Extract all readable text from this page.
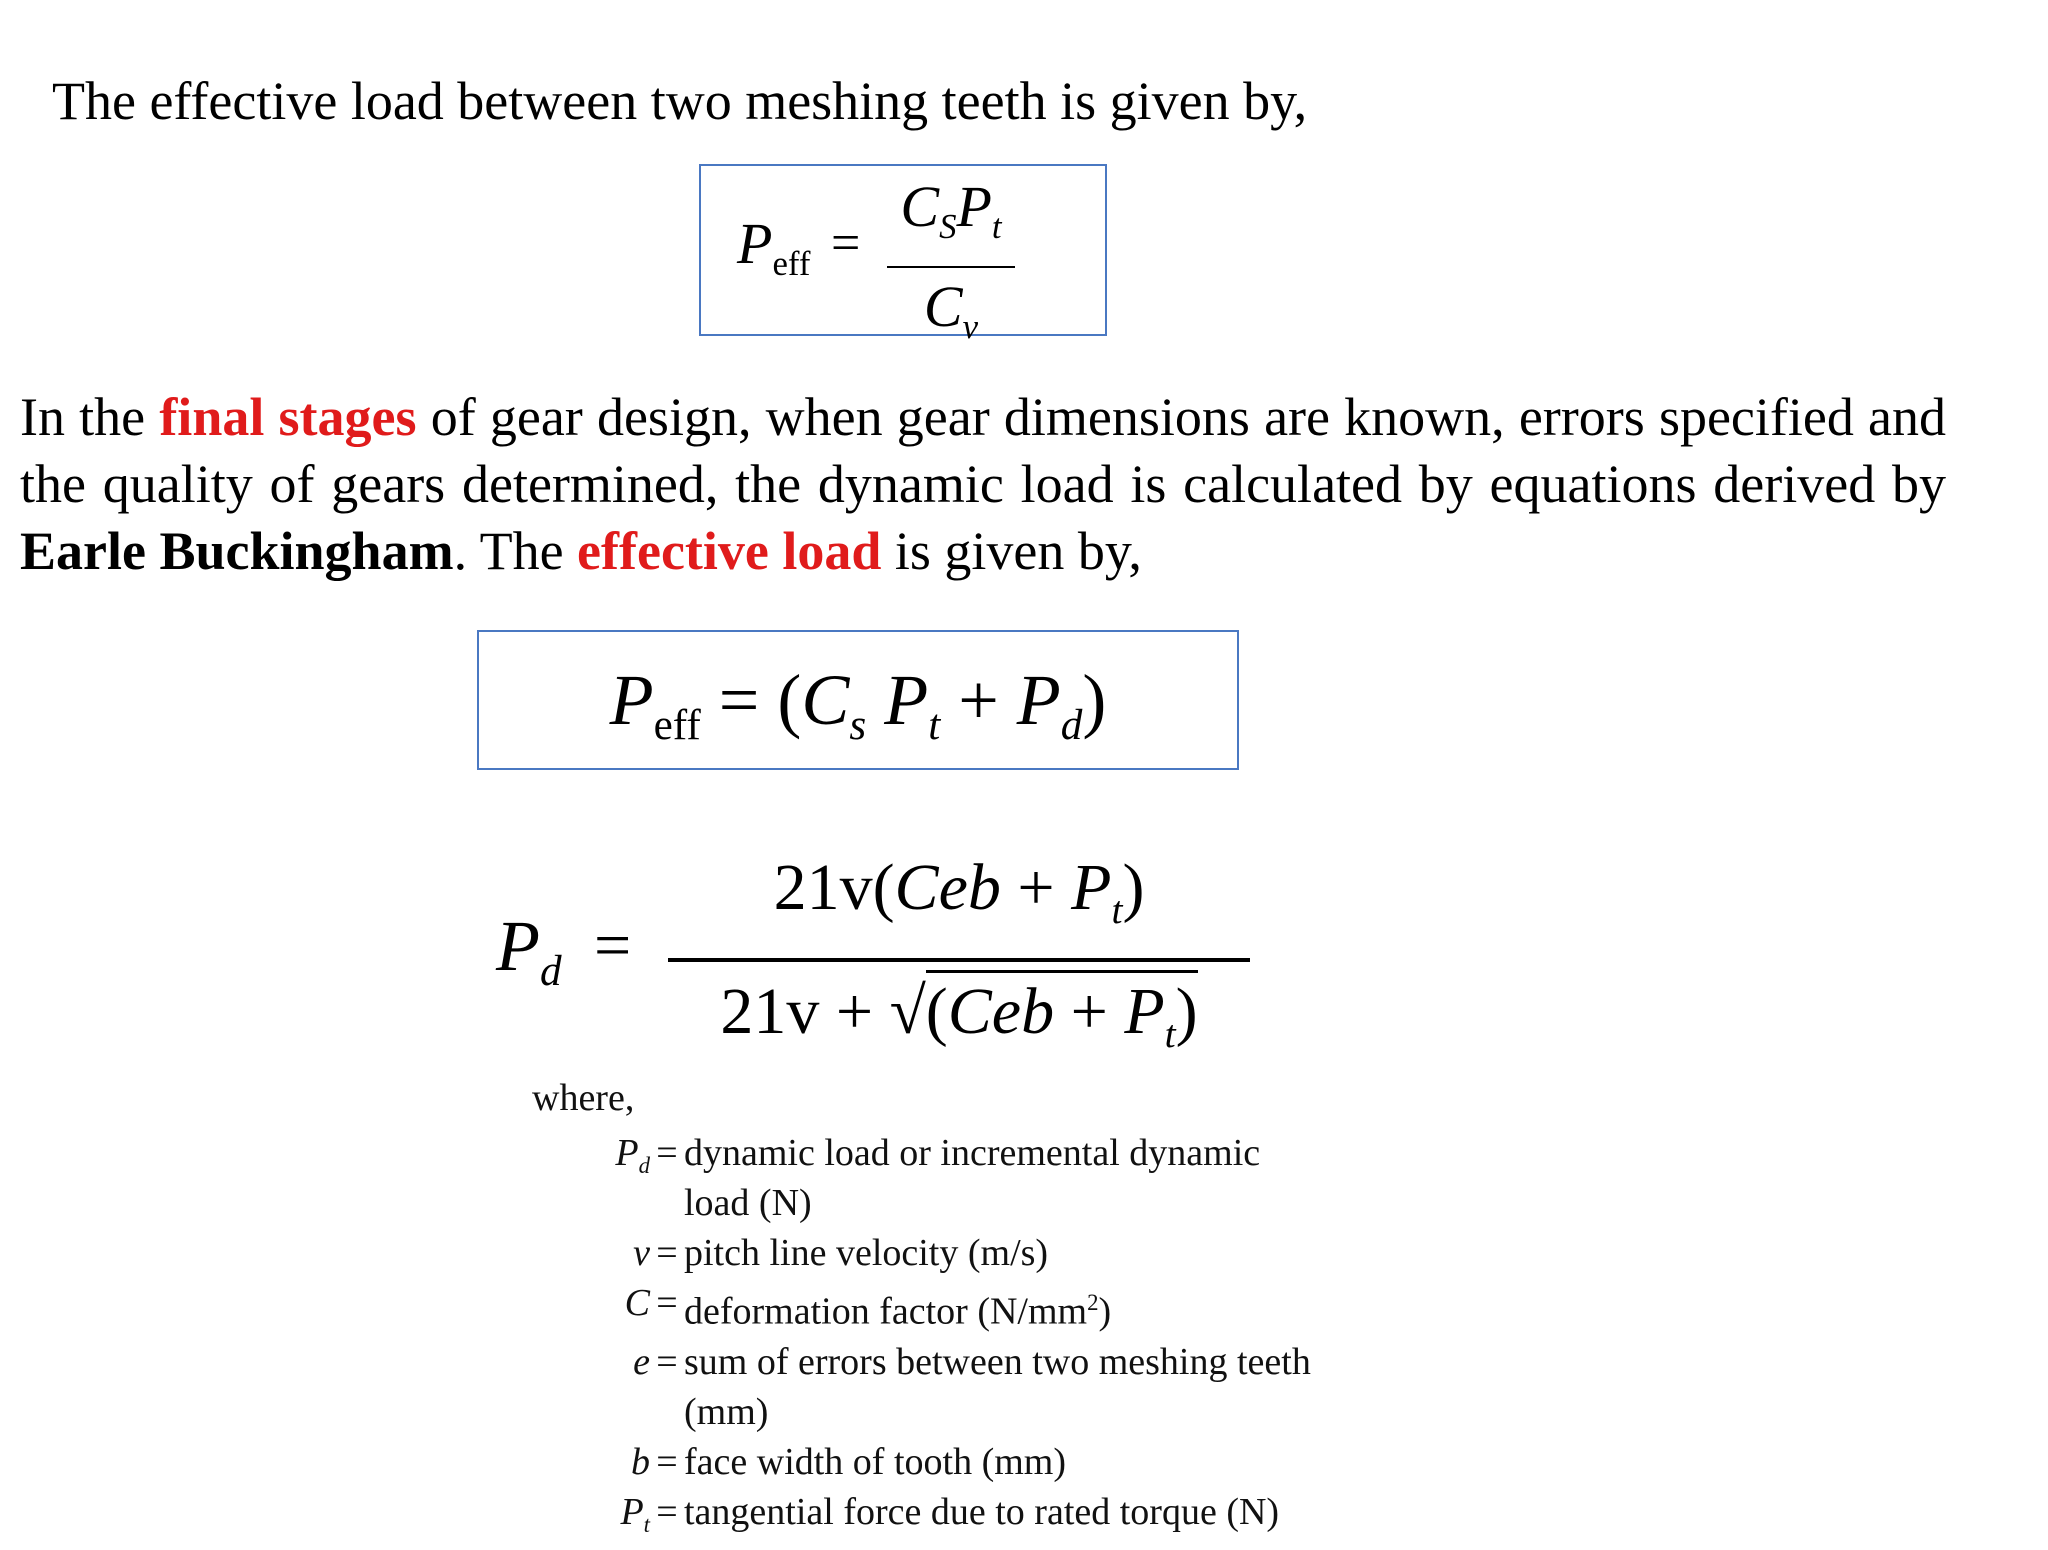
The effective load between two meshing teeth is given by,

$P_{eff}$ =
$C_SP_t$
$C_v$

In the final stages of gear design, when gear dimensions are known, errors specified and the quality of gears determined, the dynamic load is calculated by equations derived by Earle Buckingham. The effective load is given by,

$P_{eff} = (C_s$ $P_t + P_d$)
$P_d$ =
$21v(Ceb + P_t)$
$21v + √(Ceb + P_t)$

where,

$P_d$ = dynamic load or incremental dynamic
load (N)
v = pitch line velocity (m/s)
C = deformation factor $(N/mm^2)$
e = sum of errors between two meshing teeth
(mm)
b = face width of tooth (mm)
$P_t$ = tangential force due to rated torque (N)
